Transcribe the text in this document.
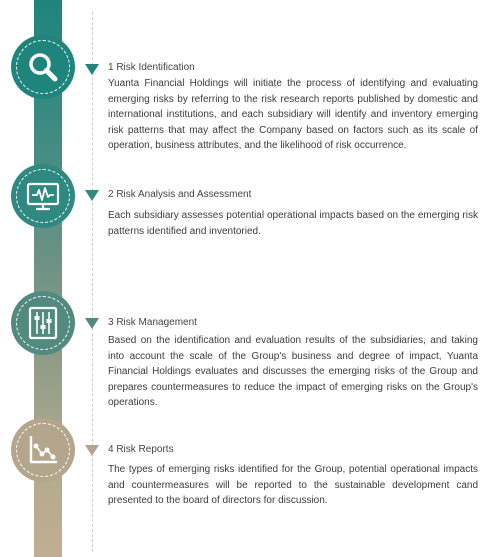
1 Risk Identification
Yuanta Financial Holdings will initiate the process of identifying and evaluating emerging risks by referring to the risk research reports published by domestic and international institutions, and each subsidiary will identify and inventory emerging risk patterns that may affect the Company based on factors such as its scale of operation, business attributes, and the likelihood of risk occurrence.
2 Risk Analysis and Assessment
Each subsidiary assesses potential operational impacts based on the emerging risk patterns identified and inventoried.
3 Risk Management
Based on the identification and evaluation results of the subsidiaries, and taking into account the scale of the Group's business and degree of impact, Yuanta Financial Holdings evaluates and discusses the emerging risks of the Group and prepares countermeasures to reduce the impact of emerging risks on the Group's operations.
4 Risk Reports
The types of emerging risks identified for the Group, potential operational impacts and countermeasures will be reported to the sustainable development cand presented to the board of directors for discussion.
